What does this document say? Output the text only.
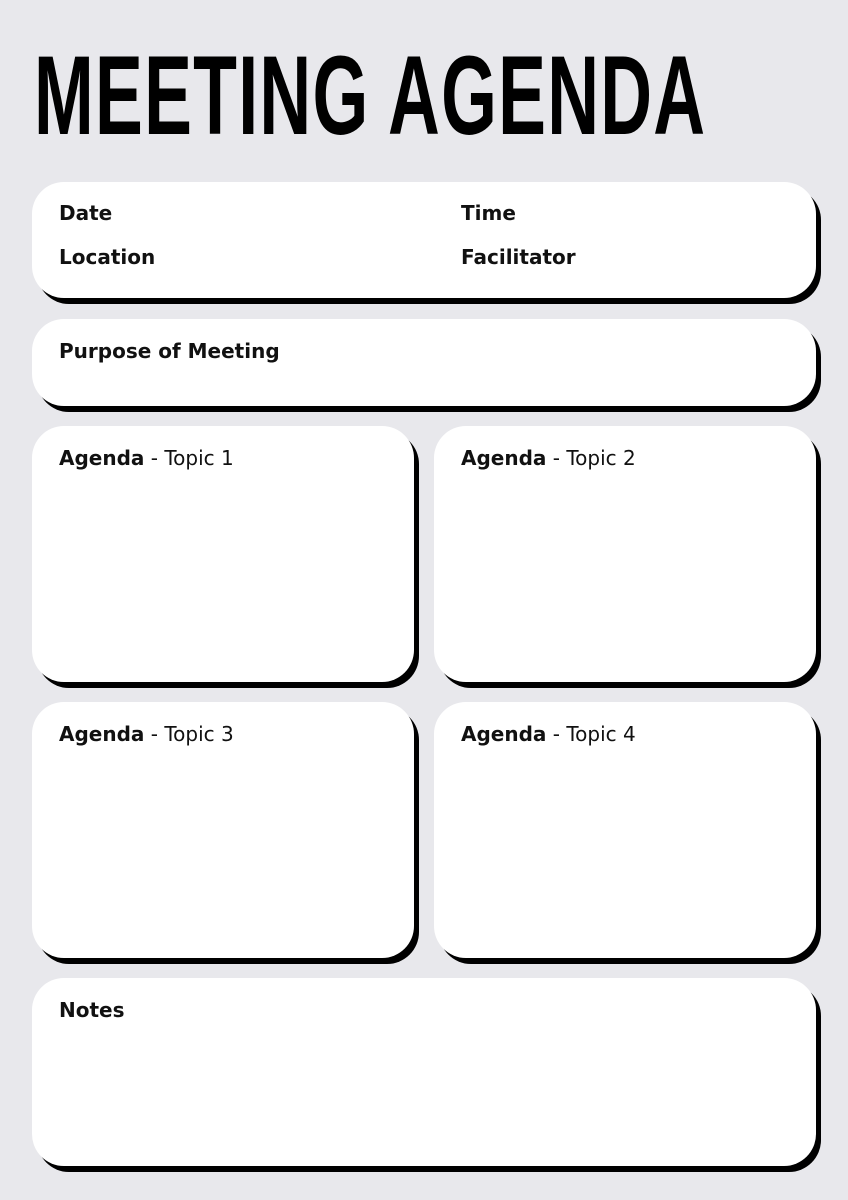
MEETING AGENDA
Date	Time
Location	Facilitator
Purpose of Meeting
Agenda - Topic 1	Agenda - Topic 2
Agenda - Topic 3	Agenda - Topic 4
Notes
